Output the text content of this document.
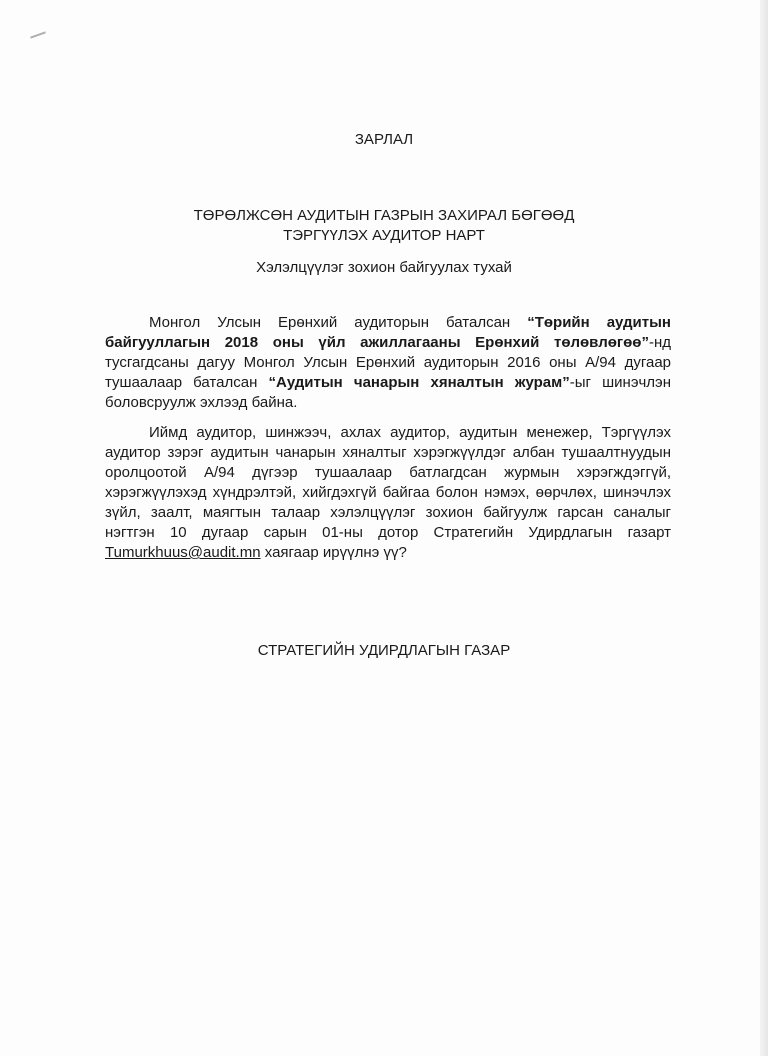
ЗАРЛАЛ
ТӨРӨЛЖСӨН АУДИТЫН ГАЗРЫН ЗАХИРАЛ БӨГӨӨД
ТЭРГҮҮЛЭХ АУДИТОР НАРТ
Хэлэлцүүлэг зохион байгуулах тухай

Монгол Улсын Ерөнхий аудиторын баталсан “Төрийн аудитын байгууллагын 2018 оны үйл ажиллагааны Ерөнхий төлөвлөгөө”-нд тусгагдсаны дагуу Монгол Улсын Ерөнхий аудиторын 2016 оны А/94 дугаар тушаалаар баталсан “Аудитын чанарын хяналтын журам”-ыг шинэчлэн боловсруулж эхлээд байна.

Иймд аудитор, шинжээч, ахлах аудитор, аудитын менежер, Тэргүүлэх аудитор зэрэг аудитын чанарын хяналтыг хэрэгжүүлдэг албан тушаалтнуудын оролцоотой А/94 дүгээр тушаалаар батлагдсан журмын хэрэгждэггүй, хэрэгжүүлэхэд хүндрэлтэй, хийгдэхгүй байгаа болон нэмэх, өөрчлөх, шинэчлэх зүйл, заалт, маягтын талаар хэлэлцүүлэг зохион байгуулж гарсан саналыг нэгтгэн 10 дугаар сарын 01-ны дотор Стратегийн Удирдлагын газарт Tumurkhuus@audit.mn хаягаар ирүүлнэ үү?

СТРАТЕГИЙН УДИРДЛАГЫН ГАЗАР
